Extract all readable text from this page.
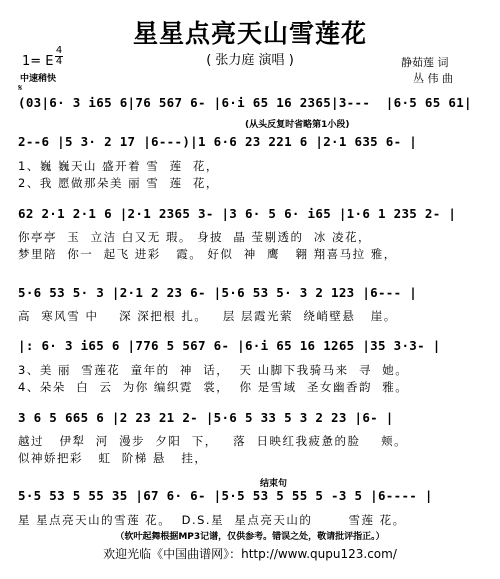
星星点亮天山雪莲花
( 张力庭 演唱 )
1= E
4
4
中速稍快
𝄋
静茹莲 词
丛 伟 曲
(03|6· 3 i65 6|76 567 6- |6·i 65 16 2365|3---  |6·5 65 61|
2--6 |5 3· 2 17 |6---)|1 6·6 23 221 6 |2·1 635 6- |
(从头反复时省略第1小段)
1、巍 巍天山 盛开着 雪  莲  花，
2、我 愿做那朵美 丽 雪  莲  花，
62 2·1 2·1 6 |2·1 2365 3- |3 6· 5 6· i65 |1·6 1 235 2- |
你亭亭  玉  立洁 白又无 瑕。 身披  晶 莹剔透的  冰 凌花，
梦里陪  你一  起飞 进彩   霞。 好似  神  鹰   翱 翔喜马拉 雅，
5·6 53 5· 3 |2·1 2 23 6- |5·6 53 5· 3 2 123 |6--- |
高  寒风雪 中    深 深把根 扎。   层 层霞光萦  绕峭壁悬   崖。
|: 6· 3 i65 6 |776 5 567 6- |6·i 65 16 1265 |35 3·3- |
3、美 丽  雪莲花  童年的  神  话，  天 山脚下我骑马来  寻  她。
4、朵朵  白  云  为你 编织霓  裳，  你 是雪域  圣女幽香韵  雅。
3 6 5 665 6 |2 23 21 2- |5·6 5 33 5 3 2 23 |6- |
越过   伊犁  河  漫步  夕阳  下，   落  日映红我疲惫的脸    颊。
似神娇把彩   虹  阶梯 悬   挂，
结束句
5·5 53 5 55 35 |67 6· 6- |5·5 53 5 55 5 -3 5 |6---- |
星 星点亮天山的雪莲 花。  D.S.星  星点亮天山的       雪莲 花。
（软叶起舞根据MP3记谱，仅供参考。错误之处，敬请批评指正。）
欢迎光临《中国曲谱网》：http://www.qupu123.com/
